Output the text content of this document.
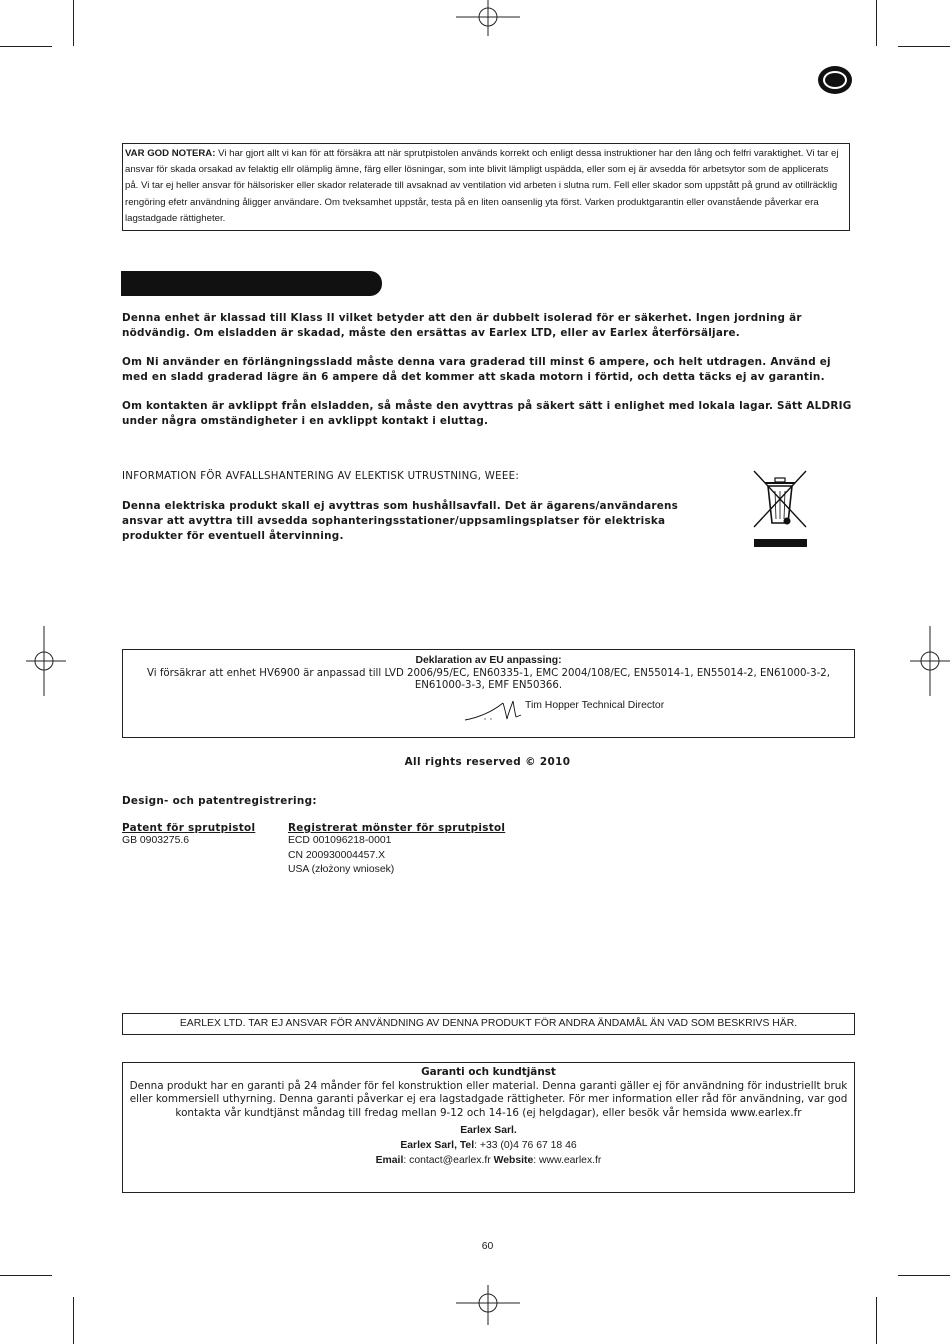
VAR GOD NOTERA: Vi har gjort allt vi kan för att försäkra att när sprutpistolen används korrekt och enligt dessa instruktioner har den lång och felfri varaktighet. Vi tar ej ansvar för skada orsakad av felaktig ellr olämplig ämne, färg eller lösningar, som inte blivit lämpligt uspädda, eller som ej är avsedda för arbetsytor som de applicerats på. Vi tar ej heller ansvar för hälsorisker eller skador relaterade till avsaknad av ventilation vid arbeten i slutna rum. Fell eller skador som uppstått på grund av otillräcklig rengöring efetr användning åligger användare. Om tveksamhet uppstår, testa på en liten oansenlig yta först. Varken produktgarantin eller ovanstående påverkar era lagstadgade rättigheter.
Denna enhet är klassad till Klass II vilket betyder att den är dubbelt isolerad för er säkerhet. Ingen jordning är nödvändig. Om elsladden är skadad, måste den ersättas av Earlex LTD, eller av Earlex återförsäljare.
Om Ni använder en förlängningssladd måste denna vara graderad till minst 6 ampere, och helt utdragen. Använd ej med en sladd graderad lägre än 6 ampere då det kommer att skada motorn i förtid, och detta täcks ej av garantin.
Om kontakten är avklippt från elsladden, så måste den avyttras på säkert sätt i enlighet med lokala lagar. Sätt ALDRIG under några omständigheter i en avklippt kontakt i eluttag.
INFORMATION FÖR AVFALLSHANTERING AV ELEKTISK UTRUSTNING, WEEE:
Denna elektriska produkt skall ej avyttras som hushållsavfall. Det är ägarens/användarens ansvar att avyttra till avsedda sophanteringsstationer/uppsamlingsplatser för elektriska produkter för eventuell återvinning.
Deklaration av EU anpassing:
Vi försäkrar att enhet HV6900 är anpassad till LVD 2006/95/EC, EN60335-1, EMC 2004/108/EC, EN55014-1, EN55014-2, EN61000-3-2, EN61000-3-3, EMF EN50366.
Tim Hopper Technical Director
All rights reserved © 2010
Design- och patentregistrering:
Patent för sprutpistol
GB 0903275.6
Registrerat mönster för sprutpistol
ECD 001096218-0001
CN 200930004457.X
USA (złożony wniosek)
EARLEX LTD. TAR EJ ANSVAR FÖR ANVÄNDNING AV DENNA PRODUKT FÖR ANDRA ÄNDAMÅL ÄN VAD SOM BESKRIVS HÄR.
Garanti och kundtjänst
Denna produkt har en garanti på 24 månder för fel konstruktion eller material. Denna garanti gäller ej för användning för industriellt bruk eller kommersiell uthyrning. Denna garanti påverkar ej era lagstadgade rättigheter. För mer information eller råd för användning, var god kontakta vår kundtjänst måndag till fredag mellan 9-12 och 14-16 (ej helgdagar), eller besök vår hemsida www.earlex.fr
Earlex Sarl.
Earlex Sarl, Tel: +33 (0)4 76 67 18 46
Email: contact@earlex.fr Website: www.earlex.fr
60
